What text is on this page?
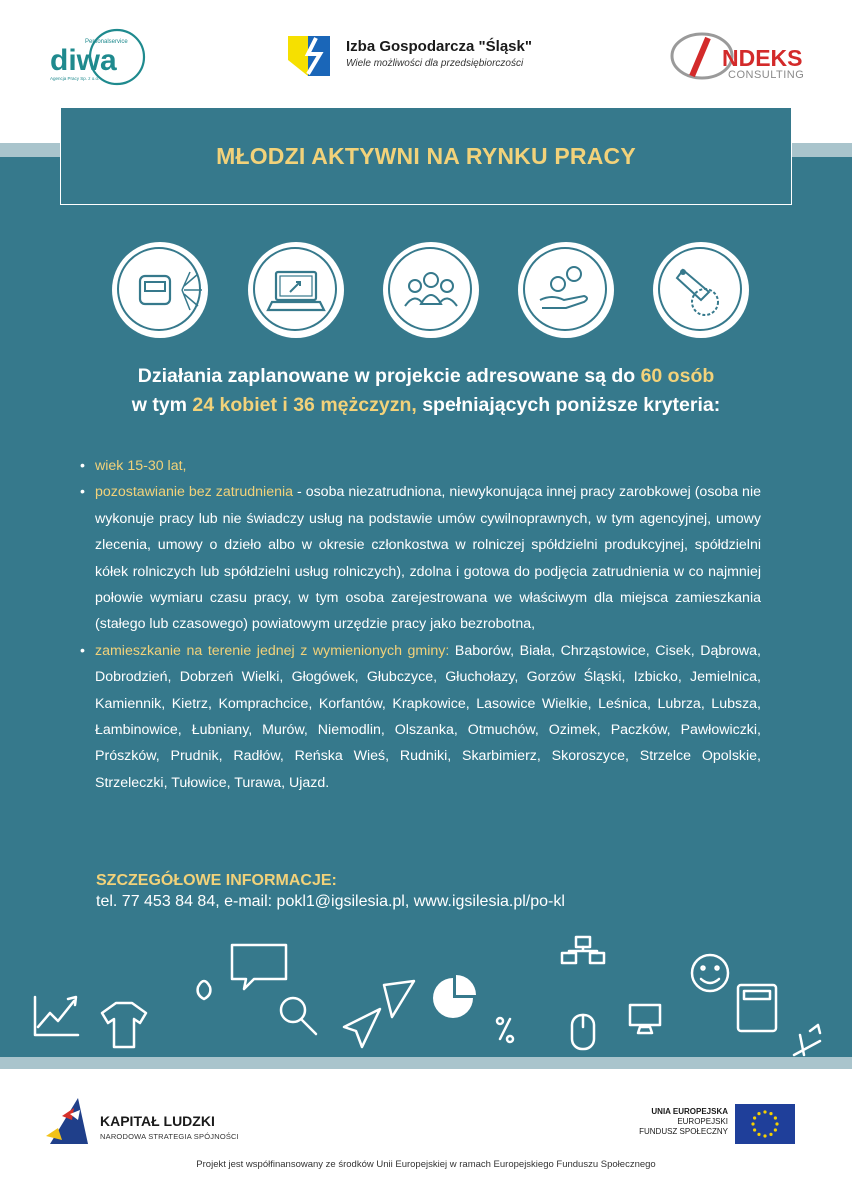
diwa
Personalservice
Agencja Pracy Sp. z o.o.
Izba Gospodarcza "Śląsk"
Wiele możliwości dla przedsiębiorczości	NDEKS
CONSULTING
MŁODZI AKTYWNI NA RYNKU PRACY
Działania zaplanowane w projekcie adresowane są do 60 osób
w tym 24 kobiet i 36 mężczyzn, spełniających poniższe kryteria:
• wiek 15-30 lat,
• pozostawianie bez zatrudnienia - osoba niezatrudniona, niewykonująca innej pracy zarobkowej (osoba nie wykonuje pracy lub nie świadczy usług na podstawie umów cywilnoprawnych, w tym agencyjnej, umowy zlecenia, umowy o dzieło albo w okresie członkostwa w rolniczej spółdzielni produkcyjnej, spółdzielni kółek rolniczych lub spółdzielni usług rolniczych), zdolna i gotowa do podjęcia zatrudnienia w co najmniej połowie wymiaru czasu pracy, w tym osoba zarejestrowana we właściwym dla miejsca zamieszkania (stałego lub czasowego) powiatowym urzędzie pracy jako bezrobotna,
• zamieszkanie na terenie jednej z wymienionych gminy: Baborów, Biała, Chrząstowice, Cisek, Dąbrowa, Dobrodzień, Dobrzeń Wielki, Głogówek, Głubczyce, Głuchołazy, Gorzów Śląski, Izbicko, Jemielnica, Kamiennik, Kietrz, Komprachcice, Korfantów, Krapkowice, Lasowice Wielkie, Leśnica, Lubrza, Lubsza, Łambinowice, Łubniany, Murów, Niemodlin, Olszanka, Otmuchów, Ozimek, Paczków, Pawłowiczki, Prószków, Prudnik, Radłów, Reńska Wieś, Rudniki, Skarbimierz, Skoroszyce, Strzelce Opolskie, Strzeleczki, Tułowice, Turawa, Ujazd.
SZCZEGÓŁOWE INFORMACJE:
tel. 77 453 84 84, e-mail: pokl1@igsilesia.pl, www.igsilesia.pl/po-kl
KAPITAŁ LUDZKI
NARODOWA STRATEGIA SPÓJNOŚCI
UNIA EUROPEJSKA
EUROPEJSKI
FUNDUSZ SPOŁECZNY
Projekt jest współfinansowany ze środków Unii Europejskiej w ramach Europejskiego Funduszu Społecznego
